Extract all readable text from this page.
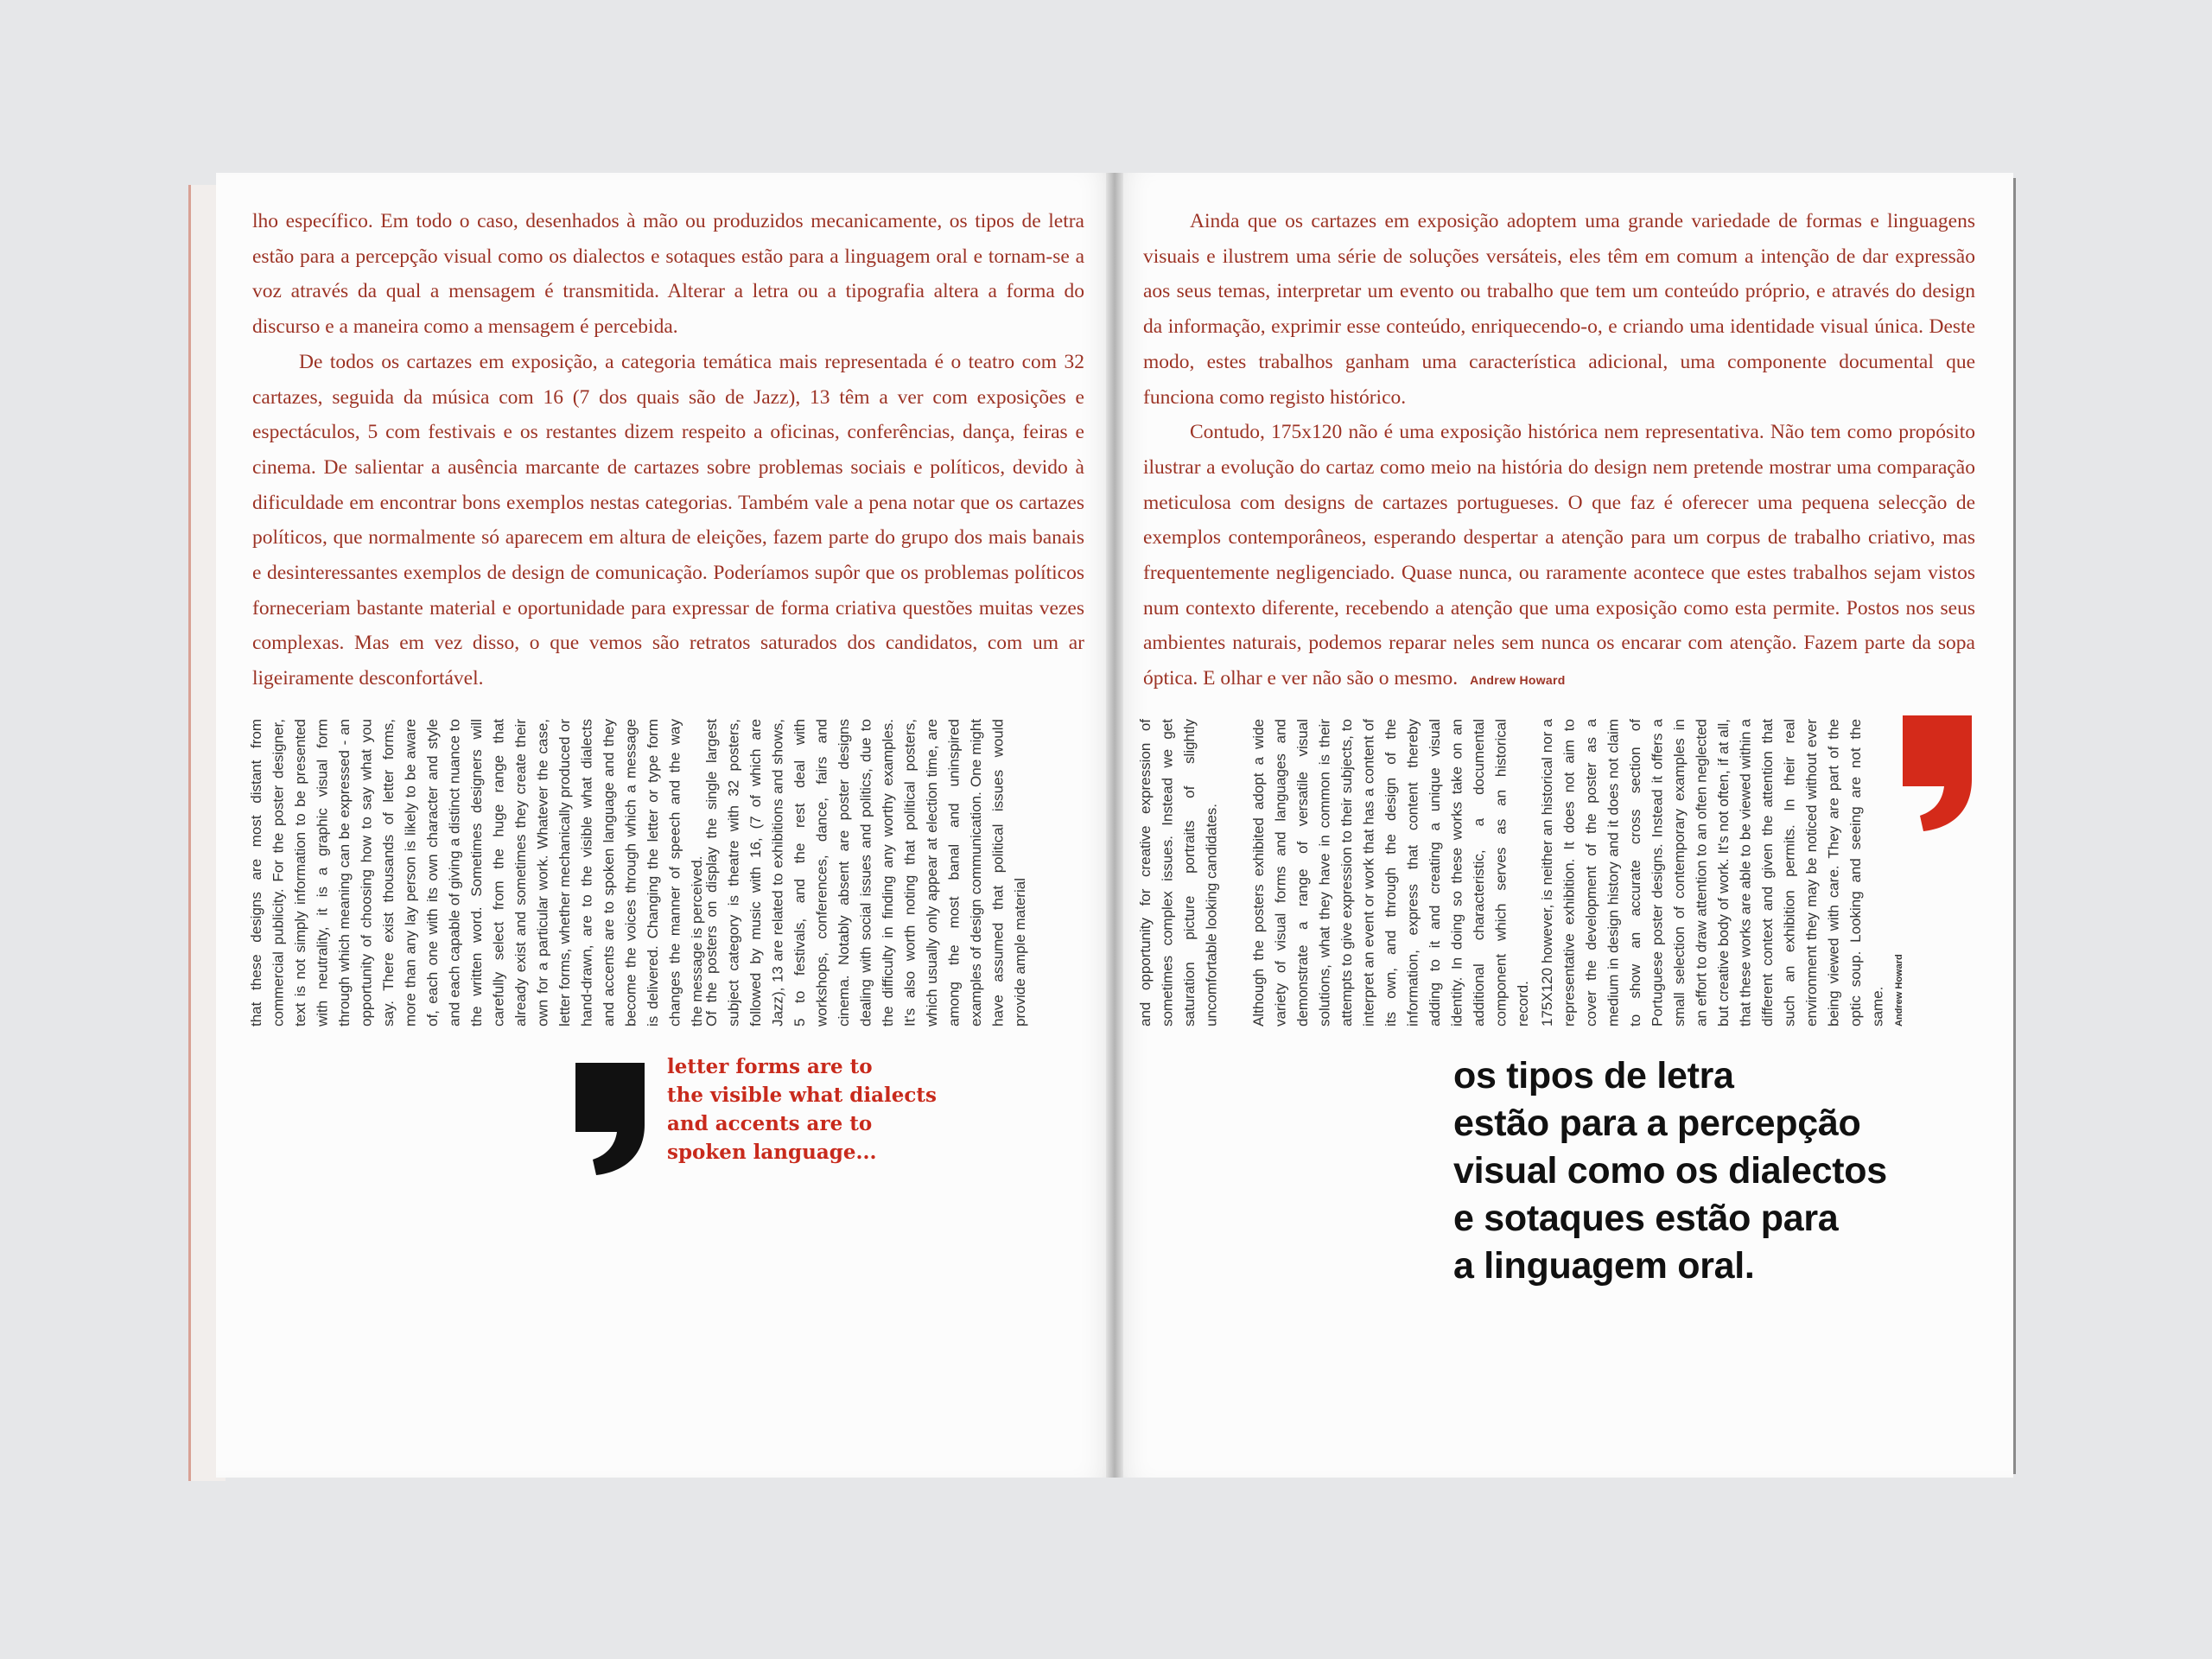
lho específico. Em todo o caso, desenhados à mão ou produzidos mecanicamente, os tipos de letra estão para a percepção visual como os dialectos e sotaques estão para a linguagem oral e tornam-se a voz através da qual a mensagem é transmitida. Alterar a letra ou a tipografia altera a forma do discurso e a maneira como a mensagem é percebida.

De todos os cartazes em exposição, a categoria temática mais representada é o teatro com 32 cartazes, seguida da música com 16 (7 dos quais são de Jazz), 13 têm a ver com exposições e espectáculos, 5 com festivais e os restantes dizem respeito a oficinas, conferências, dança, feiras e cinema. De salientar a ausência marcante de cartazes sobre problemas sociais e políticos, devido à dificuldade em encontrar bons exemplos nestas categorias. Também vale a pena notar que os cartazes políticos, que normalmente só aparecem em altura de eleições, fazem parte do grupo dos mais banais e desinteressantes exemplos de design de comunicação. Poderíamos supôr que os problemas políticos forneceriam bastante material e oportunidade para expressar de forma criativa questões muitas vezes complexas. Mas em vez disso, o que vemos são retratos saturados dos candidatos, com um ar ligeiramente desconfortável.

Ainda que os cartazes em exposição adoptem uma grande variedade de formas e linguagens visuais e ilustrem uma série de soluções versáteis, eles têm em comum a intenção de dar expressão aos seus temas, interpretar um evento ou trabalho que tem um conteúdo próprio, e através do design da informação, exprimir esse conteúdo, enriquecendo-o, e criando uma identidade visual única. Deste modo, estes trabalhos ganham uma característica adicional, uma componente documental que funciona como registo histórico.

Contudo, 175x120 não é uma exposição histórica nem representativa. Não tem como propósito ilustrar a evolução do cartaz como meio na história do design nem pretende mostrar uma comparação meticulosa com designs de cartazes portugueses. O que faz é oferecer uma pequena selecção de exemplos contemporâneos, esperando despertar a atenção para um corpus de trabalho criativo, mas frequentemente negligenciado. Quase nunca, ou raramente acontece que estes trabalhos sejam vistos num contexto diferente, recebendo a atenção que uma exposição como esta permite. Postos nos seus ambientes naturais, podemos reparar neles sem nunca os encarar com atenção. Fazem parte da sopa óptica. E olhar e ver não são o mesmo. Andrew Howard

that these designs are most distant from commercial publicity. For the poster designer, text is not simply information to be presented with neutrality, it is a graphic visual form through which meaning can be expressed - an opportunity of choosing how to say what you say. There exist thousands of letter forms, more than any lay person is likely to be aware of, each one with its own character and style and each capable of giving a distinct nuance to the written word. Sometimes designers will carefully select from the huge range that already exist and sometimes they create their own for a particular work. Whatever the case, letter forms, whether mechanically produced or hand-drawn, are to the visible what dialects and accents are to spoken language and they become the voices through which a message is delivered. Changing the letter or type form changes the manner of speech and the way the message is perceived.

Of the posters on display the single largest subject category is theatre with 32 posters, followed by music with 16, (7 of which are Jazz), 13 are related to exhibitions and shows, 5 to festivals, and the rest deal with workshops, conferences, dance, fairs and cinema. Notably absent are poster designs dealing with social issues and politics, due to the difficulty in finding any worthy examples. It's also worth noting that political posters, which usually only appear at election time, are among the most banal and uninspired examples of design communication. One might have assumed that political issues would provide ample material	and opportunity for creative expression of sometimes complex issues. Instead we get saturation picture portraits of slightly uncomfortable looking candidates. Although the posters exhibited adopt a wide variety of visual forms and languages and demonstrate a range of versatile visual solutions, what they have in common is their attempts to give expression to their subjects, to interpret an event or work that has a content of its own, and through the design of the information, express that content thereby adding to it and creating a unique visual identity. In doing so these works take on an additional characteristic, a documental component which serves as an historical record. 175X120 however, is neither an historical nor a representative exhibition. It does not aim to cover the development of the poster as a medium in design history and it does not claim to show an accurate cross section of Portuguese poster designs. Instead it offers a small selection of contemporary examples in an effort to draw attention to an often neglected but creative body of work. It's not often, if at all, that these works are able to be viewed within a different context and given the attention that such an exhibition permits. In their real environment they may be noticed without ever being viewed with care. They are part of the optic soup. Looking and seeing are not the same. Andrew Howard

letter forms are to
the visible what dialects
and accents are to
spoken language...
os tipos de letra
estão para a percepção
visual como os dialectos
e sotaques estão para
a linguagem oral.
